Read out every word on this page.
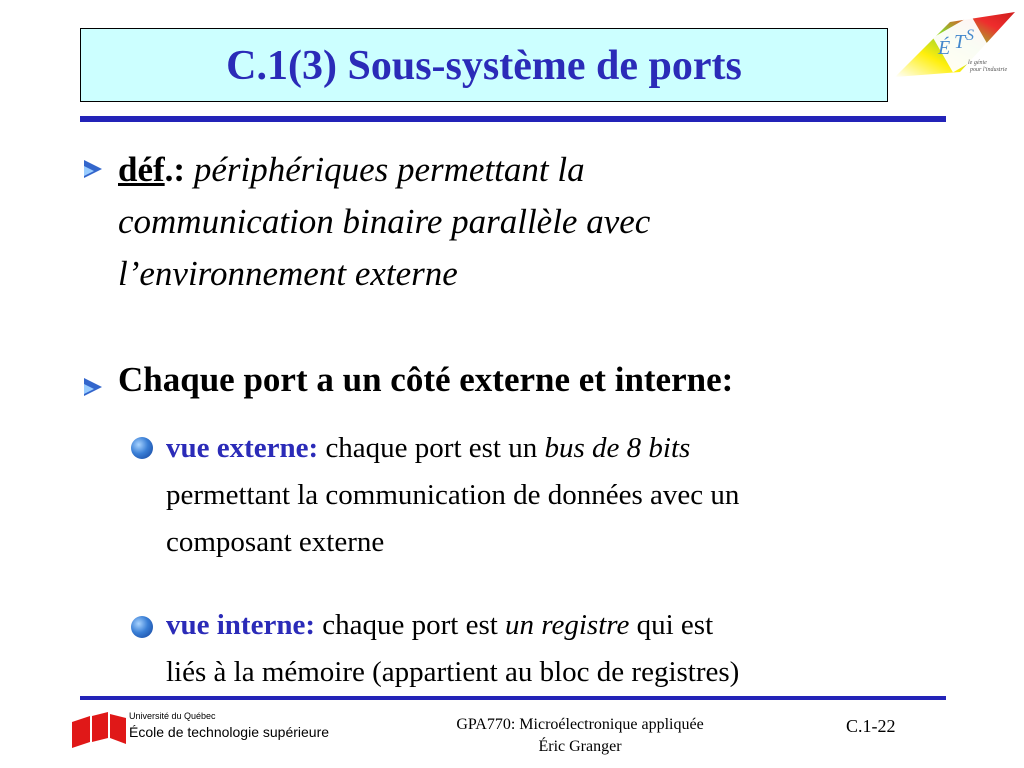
C.1(3) Sous-système de ports	É T S
le génie
pour l'industrie
déf.: périphériques permettant la
communication binaire parallèle avec
l’environnement externe
Chaque port a un côté externe et interne:
vue externe: chaque port est un bus de 8 bits
permettant la communication de données avec un
composant externe
vue interne: chaque port est un registre qui est
liés à la mémoire (appartient au bloc de registres)
Université du Québec
École de technologie supérieure	GPA770: Microélectronique appliquée
Éric Granger
C.1-22
